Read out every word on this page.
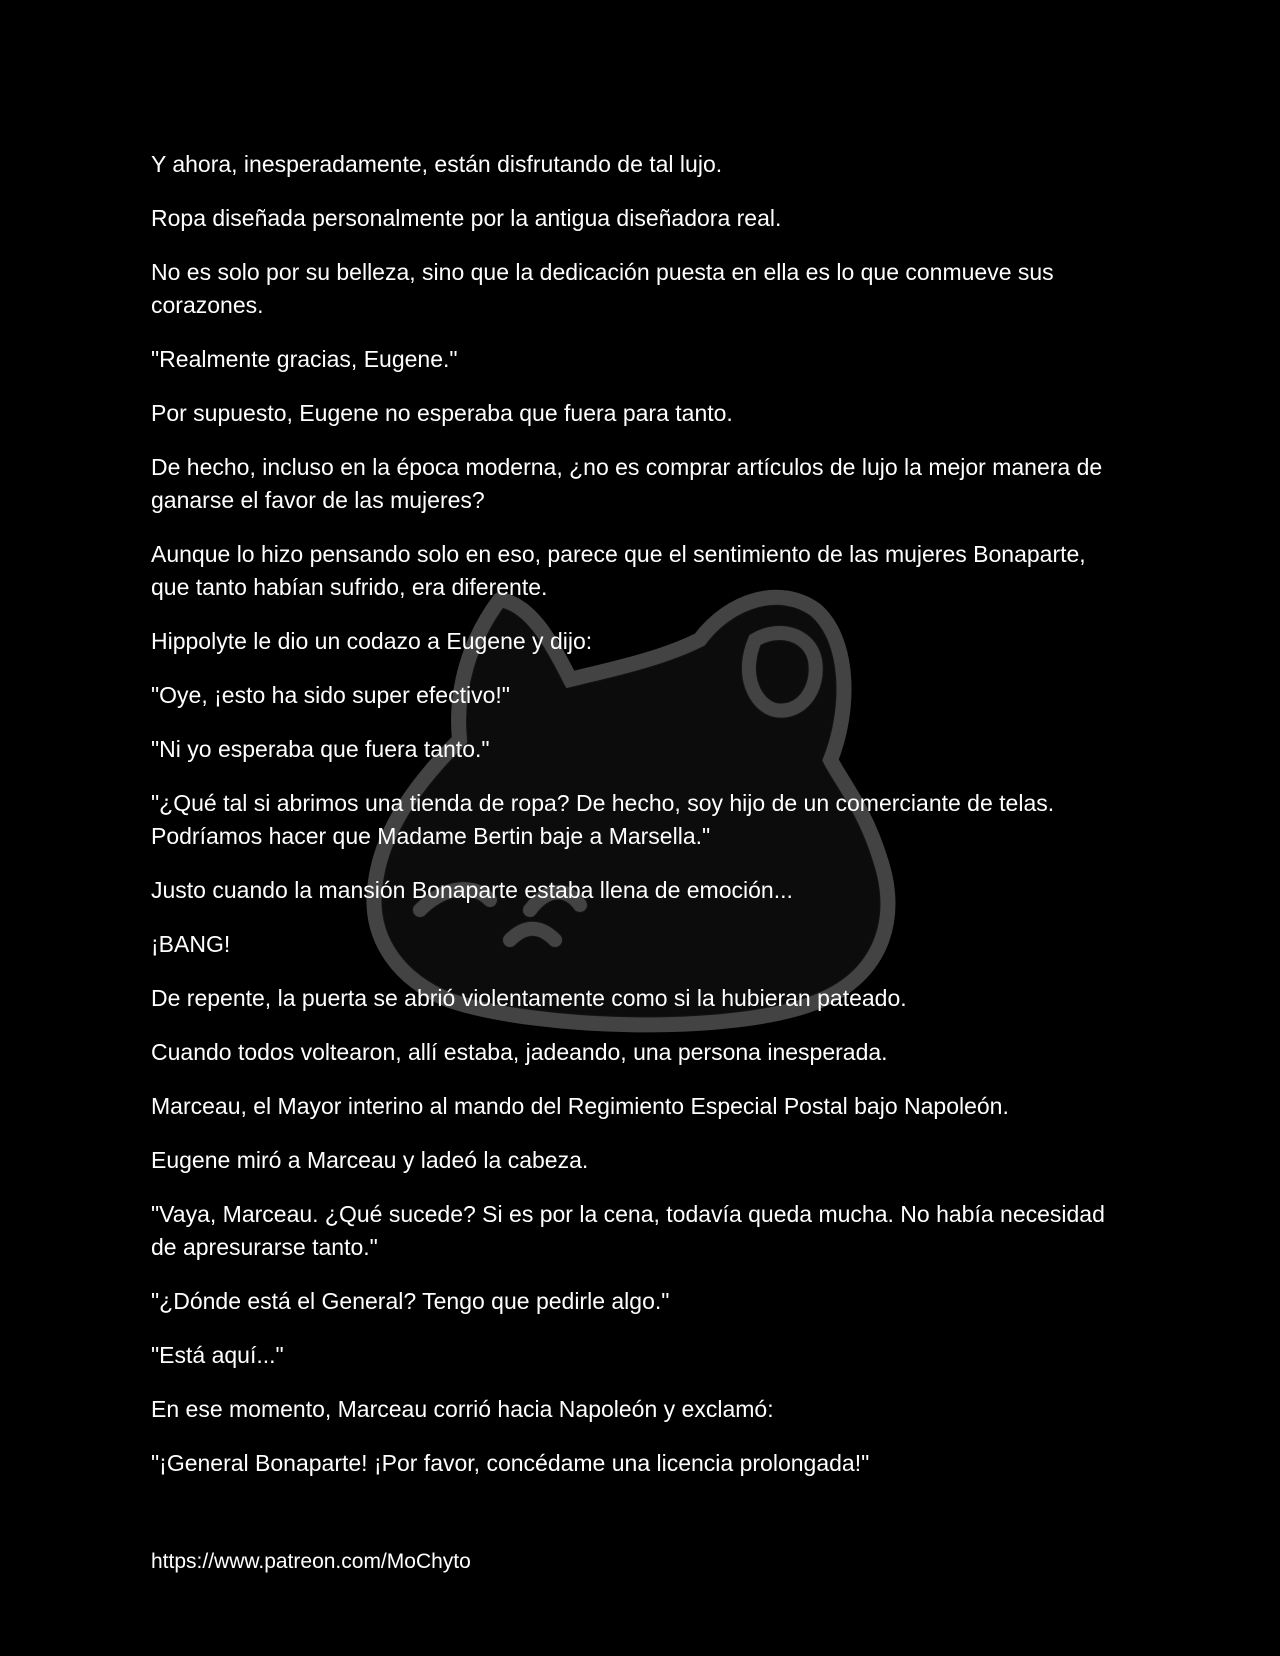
Y ahora, inesperadamente, están disfrutando de tal lujo.

Ropa diseñada personalmente por la antigua diseñadora real.

No es solo por su belleza, sino que la dedicación puesta en ella es lo que conmueve sus corazones.

"Realmente gracias, Eugene."

Por supuesto, Eugene no esperaba que fuera para tanto.

De hecho, incluso en la época moderna, ¿no es comprar artículos de lujo la mejor manera de ganarse el favor de las mujeres?

Aunque lo hizo pensando solo en eso, parece que el sentimiento de las mujeres Bonaparte, que tanto habían sufrido, era diferente.

Hippolyte le dio un codazo a Eugene y dijo:

"Oye, ¡esto ha sido super efectivo!"

"Ni yo esperaba que fuera tanto."

"¿Qué tal si abrimos una tienda de ropa? De hecho, soy hijo de un comerciante de telas. Podríamos hacer que Madame Bertin baje a Marsella."

Justo cuando la mansión Bonaparte estaba llena de emoción...

¡BANG!

De repente, la puerta se abrió violentamente como si la hubieran pateado.

Cuando todos voltearon, allí estaba, jadeando, una persona inesperada.

Marceau, el Mayor interino al mando del Regimiento Especial Postal bajo Napoleón.

Eugene miró a Marceau y ladeó la cabeza.

"Vaya, Marceau. ¿Qué sucede? Si es por la cena, todavía queda mucha. No había necesidad de apresurarse tanto."

"¿Dónde está el General? Tengo que pedirle algo."

"Está aquí..."

En ese momento, Marceau corrió hacia Napoleón y exclamó:

"¡General Bonaparte! ¡Por favor, concédame una licencia prolongada!"

https://www.patreon.com/MoChyto
